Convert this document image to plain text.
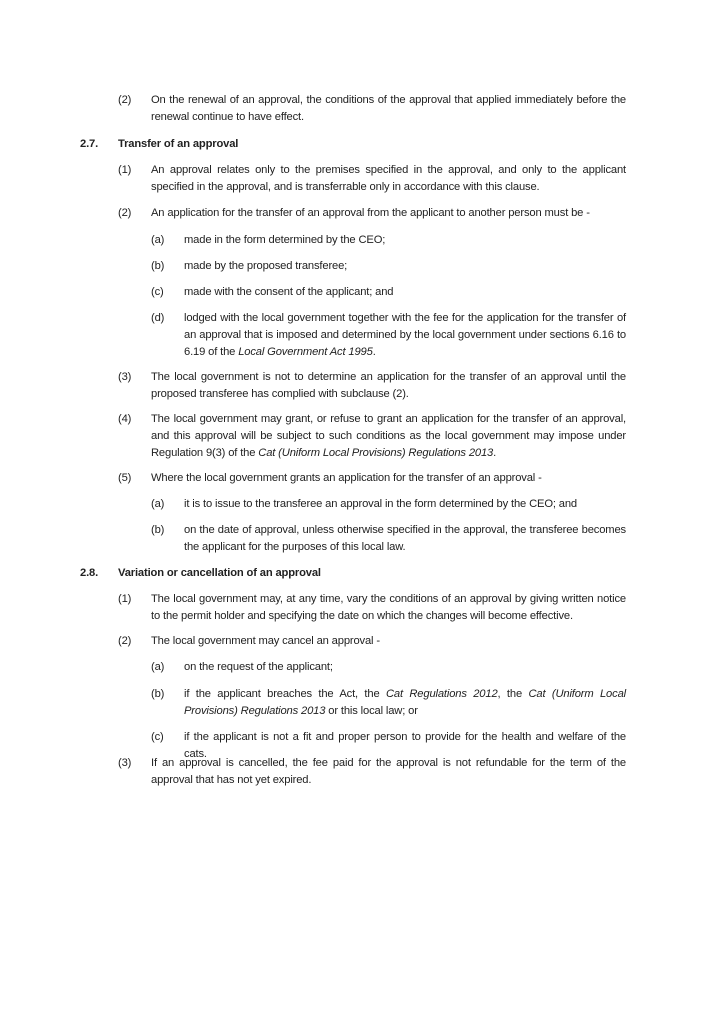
(2)	On the renewal of an approval, the conditions of the approval that applied immediately before the renewal continue to have effect.
2.7.	Transfer of an approval
(1)	An approval relates only to the premises specified in the approval, and only to the applicant specified in the approval, and is transferrable only in accordance with this clause.
(2)	An application for the transfer of an approval from the applicant to another person must be -
(a)	made in the form determined by the CEO;
(b)	made by the proposed transferee;
(c)	made with the consent of the applicant; and
(d)	lodged with the local government together with the fee for the application for the transfer of an approval that is imposed and determined by the local government under sections 6.16 to 6.19 of the Local Government Act 1995.
(3)	The local government is not to determine an application for the transfer of an approval until the proposed transferee has complied with subclause (2).
(4)	The local government may grant, or refuse to grant an application for the transfer of an approval, and this approval will be subject to such conditions as the local government may impose under Regulation 9(3) of the Cat (Uniform Local Provisions) Regulations 2013.
(5)	Where the local government grants an application for the transfer of an approval -
(a)	it is to issue to the transferee an approval in the form determined by the CEO; and
(b)	on the date of approval, unless otherwise specified in the approval, the transferee becomes the applicant for the purposes of this local law.
2.8.	Variation or cancellation of an approval
(1)	The local government may, at any time, vary the conditions of an approval by giving written notice to the permit holder and specifying the date on which the changes will become effective.
(2)	The local government may cancel an approval -
(a)	on the request of the applicant;
(b)	if the applicant breaches the Act, the Cat Regulations 2012, the Cat (Uniform Local Provisions) Regulations 2013 or this local law; or
(c)	if the applicant is not a fit and proper person to provide for the health and welfare of the cats.
(3)	If an approval is cancelled, the fee paid for the approval is not refundable for the term of the approval that has not yet expired.
